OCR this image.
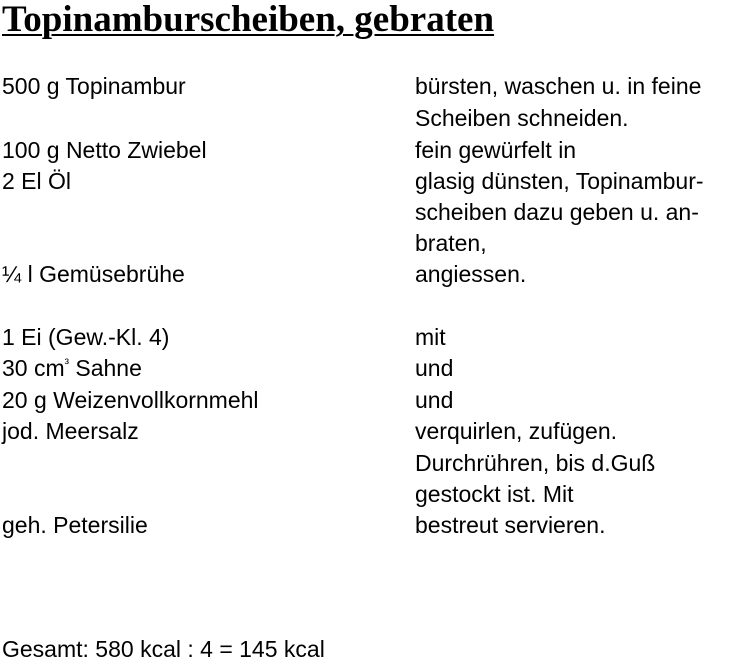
Topinamburscheiben, gebraten
500 g Topinambur
100 g Netto Zwiebel
2 El Öl
¼ l Gemüsebrühe
1 Ei (Gew.-Kl. 4)
30 $cm^{^3}$ Sahne
20 g Weizenvollkornmehl
jod. Meersalz
geh. Petersilie
bürsten, waschen u. in feine
Scheiben schneiden.
fein gewürfelt in
glasig dünsten, Topinambur-
scheiben dazu geben u. an-
braten,
angiessen.
mit
und
und
verquirlen, zufügen.
Durchrühren, bis d.Guß
gestockt ist. Mit
bestreut servieren.
Gesamt: 580 kcal : 4 = 145 kcal
